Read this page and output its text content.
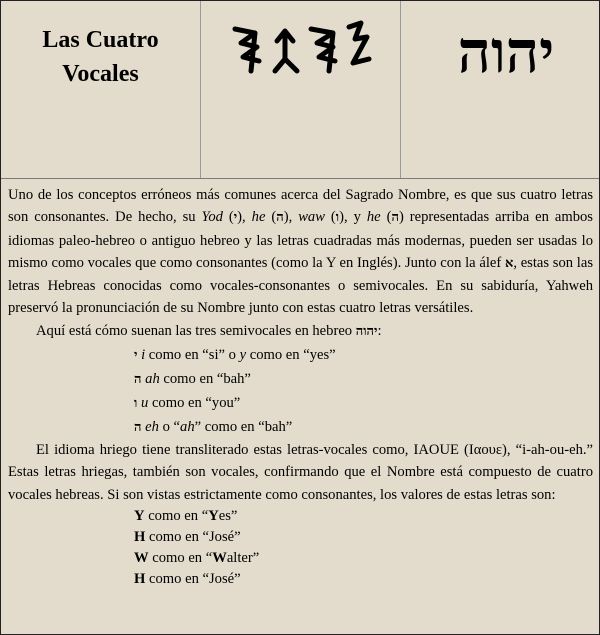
Las Cuatro
Vocales	יהוה

Uno de los conceptos erróneos más comunes acerca del Sagrado Nombre, es que sus cuatro letras son consonantes. De hecho, su Yod (י), he (ה), waw (ו), y he (ה) representadas arriba en ambos idiomas paleo-hebreo o antiguo hebreo y las letras cuadradas más modernas, pueden ser usadas lo mismo como vocales que como consonantes (como la Y en Inglés). Junto con la álef א, estas son las letras Hebreas conocidas como vocales-consonantes o semivocales. En su sabiduría, Yahweh preservó la pronunciación de su Nombre junto con estas cuatro letras versátiles.

Aquí está cómo suenan las tres semivocales en hebreo יהוה:

י i como en “si” o y como en “yes”
ה ah como en “bah”
ו u como en “you”
ה eh o “ah” como en “bah”

El idioma hriego tiene transliterado estas letras-vocales como, IAOUE (Ιαουε), “i-ah-ou-eh.” Estas letras hriegas, también son vocales, confirmando que el Nombre está compuesto de cuatro vocales hebreas. Si son vistas estrictamente como consonantes, los valores de estas letras son:

Y como en “Yes”
H como en “José”
W como en “Walter”
H como en “José”
